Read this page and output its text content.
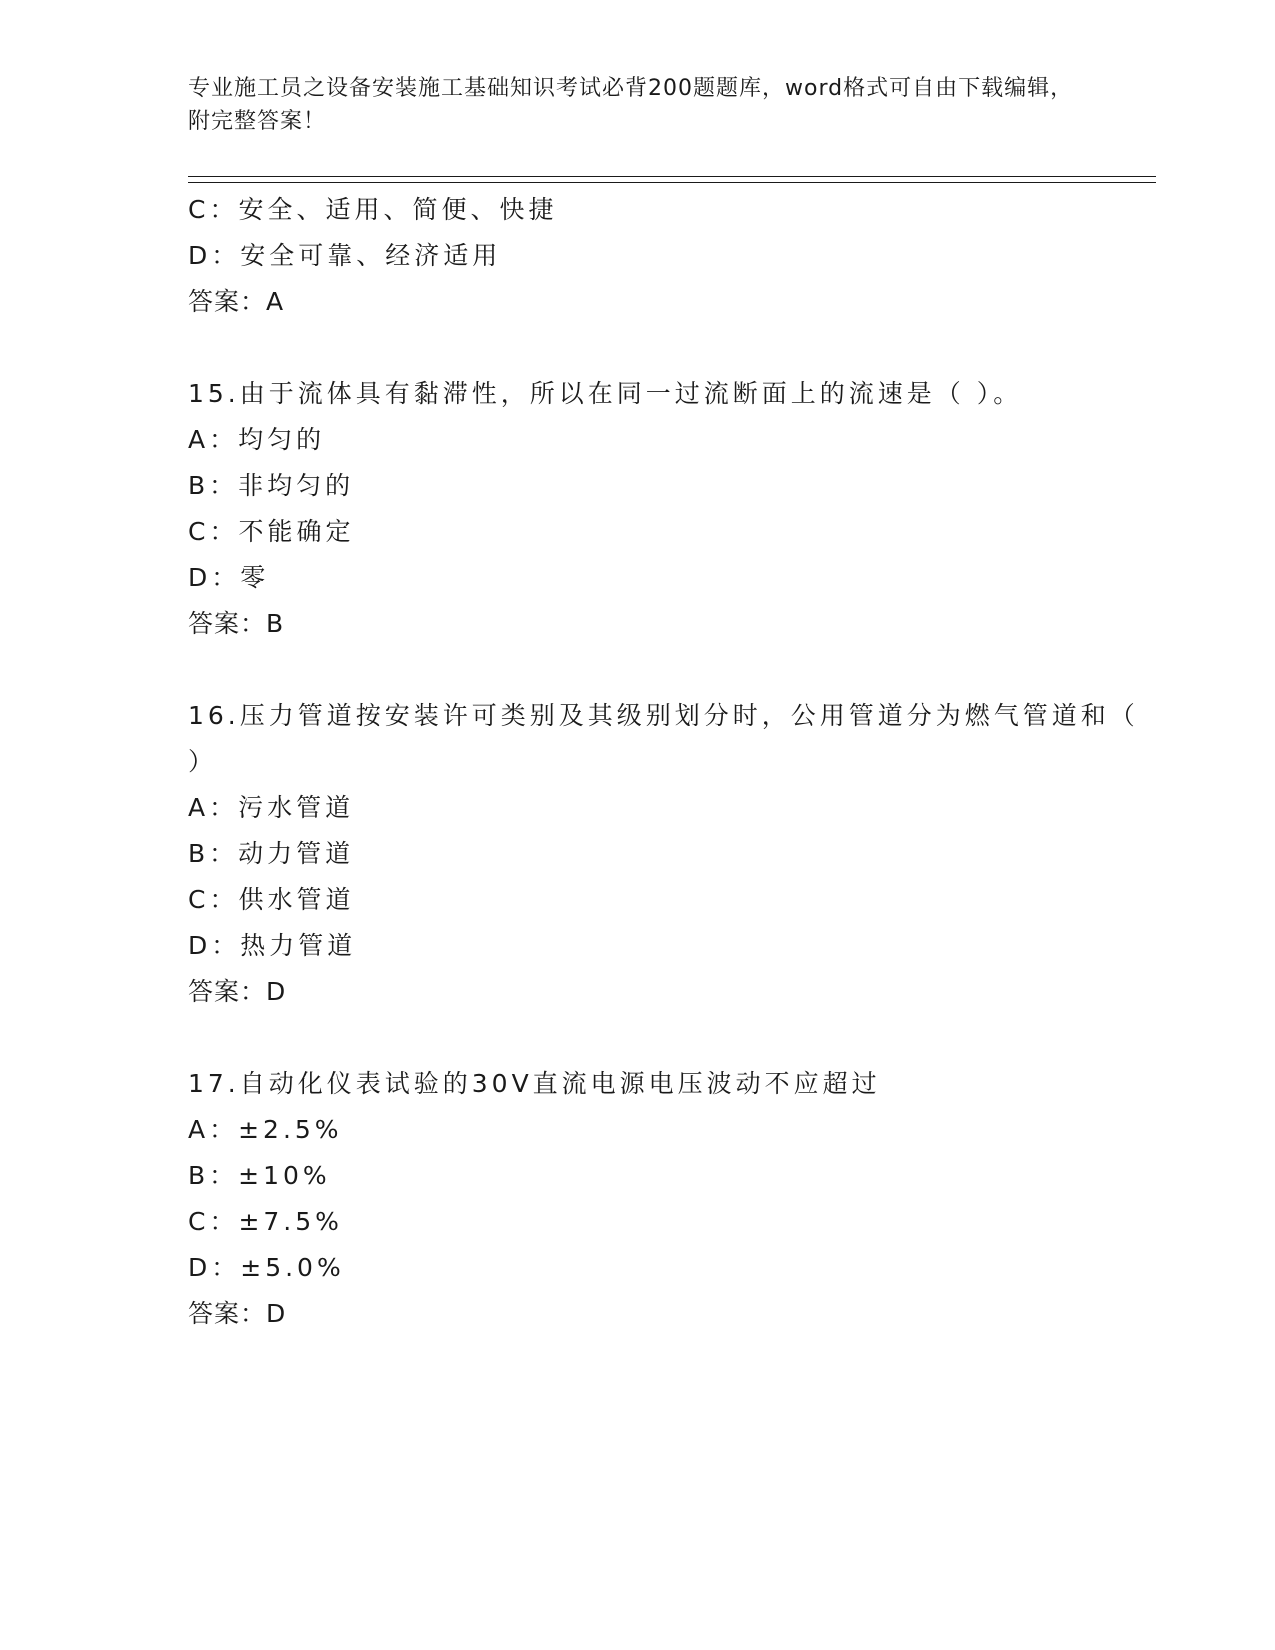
专业施工员之设备安装施工基础知识考试必背200题题库，word格式可自由下载编辑，附完整答案！
C：安全、适用、简便、快捷
D：安全可靠、经济适用
答案：A
15.由于流体具有黏滞性，所以在同一过流断面上的流速是（ ）。
A：均匀的
B：非均匀的
C：不能确定
D：零
答案：B
16.压力管道按安装许可类别及其级别划分时，公用管道分为燃气管道和（ ）
A：污水管道
B：动力管道
C：供水管道
D：热力管道
答案：D
17.自动化仪表试验的30V直流电源电压波动不应超过
A：±2.5%
B：±10%
C：±7.5%
D：±5.0%
答案：D
